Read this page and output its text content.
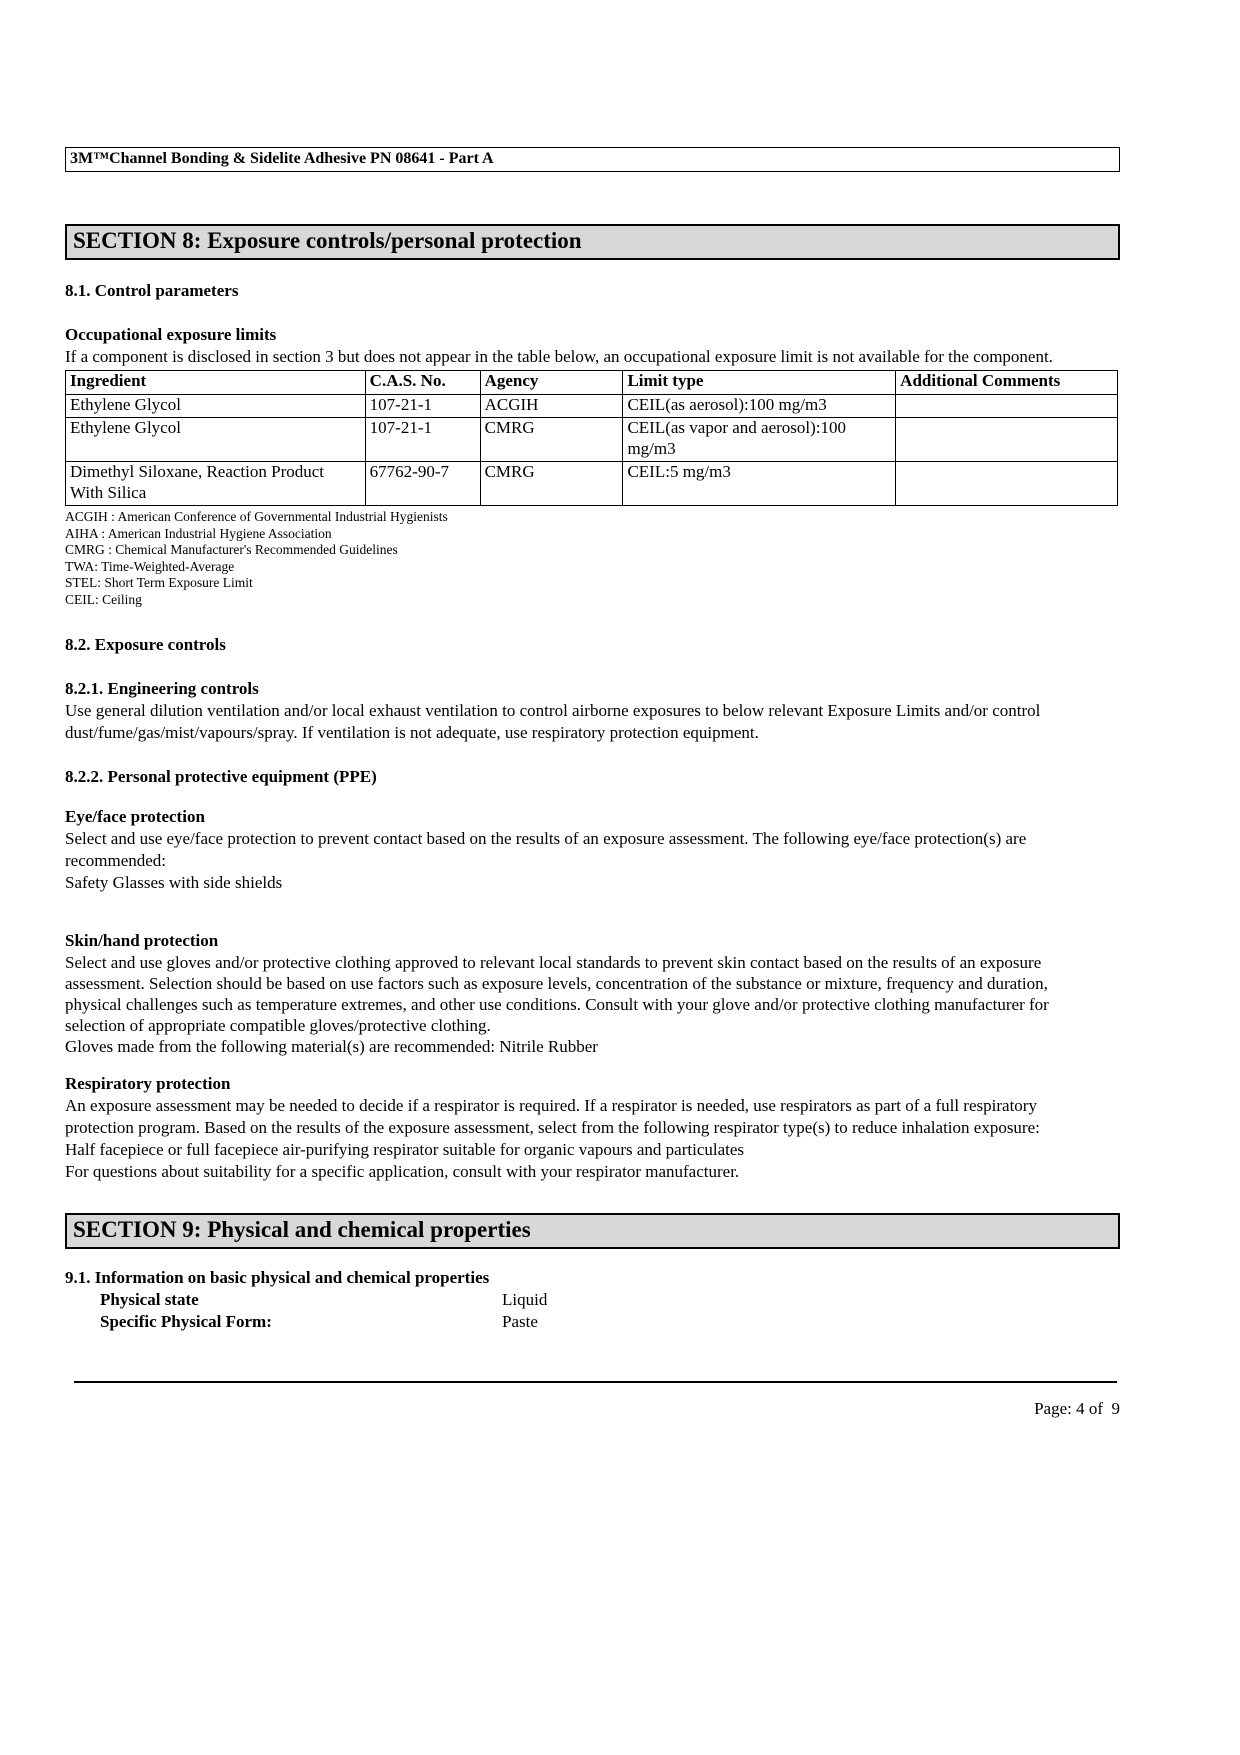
3M™Channel Bonding & Sidelite Adhesive PN 08641 - Part A
SECTION 8: Exposure controls/personal protection
8.1. Control parameters
Occupational exposure limits

If a component is disclosed in section 3 but does not appear in the table below, an occupational exposure limit is not available for the component.

Ingredient	C.A.S. No.	Agency	Limit type	Additional Comments
Ethylene Glycol	107-21-1	ACGIH	CEIL(as aerosol):100 mg/m3	
Ethylene Glycol	107-21-1	CMRG	CEIL(as vapor and aerosol):100 mg/m3	
Dimethyl Siloxane, Reaction Product With Silica	67762-90-7	CMRG	CEIL:5 mg/m3	
ACGIH : American Conference of Governmental Industrial Hygienists
AIHA : American Industrial Hygiene Association
CMRG : Chemical Manufacturer's Recommended Guidelines
TWA: Time-Weighted-Average
STEL: Short Term Exposure Limit
CEIL: Ceiling
8.2. Exposure controls
8.2.1. Engineering controls

Use general dilution ventilation and/or local exhaust ventilation to control airborne exposures to below relevant Exposure Limits and/or control dust/fume/gas/mist/vapours/spray. If ventilation is not adequate, use respiratory protection equipment.

8.2.2. Personal protective equipment (PPE)
Eye/face protection

Select and use eye/face protection to prevent contact based on the results of an exposure assessment. The following eye/face protection(s) are recommended:

Safety Glasses with side shields

Skin/hand protection

Select and use gloves and/or protective clothing approved to relevant local standards to prevent skin contact based on the results of an exposure assessment. Selection should be based on use factors such as exposure levels, concentration of the substance or mixture, frequency and duration, physical challenges such as temperature extremes, and other use conditions. Consult with your glove and/or protective clothing manufacturer for selection of appropriate compatible gloves/protective clothing.

Gloves made from the following material(s) are recommended: Nitrile Rubber

Respiratory protection

An exposure assessment may be needed to decide if a respirator is required. If a respirator is needed, use respirators as part of a full respiratory protection program. Based on the results of the exposure assessment, select from the following respirator type(s) to reduce inhalation exposure:

Half facepiece or full facepiece air-purifying respirator suitable for organic vapours and particulates

For questions about suitability for a specific application, consult with your respirator manufacturer.

SECTION 9: Physical and chemical properties
9.1. Information on basic physical and chemical properties
Physical state	Liquid
Specific Physical Form:	Paste
Page: 4 of  9
